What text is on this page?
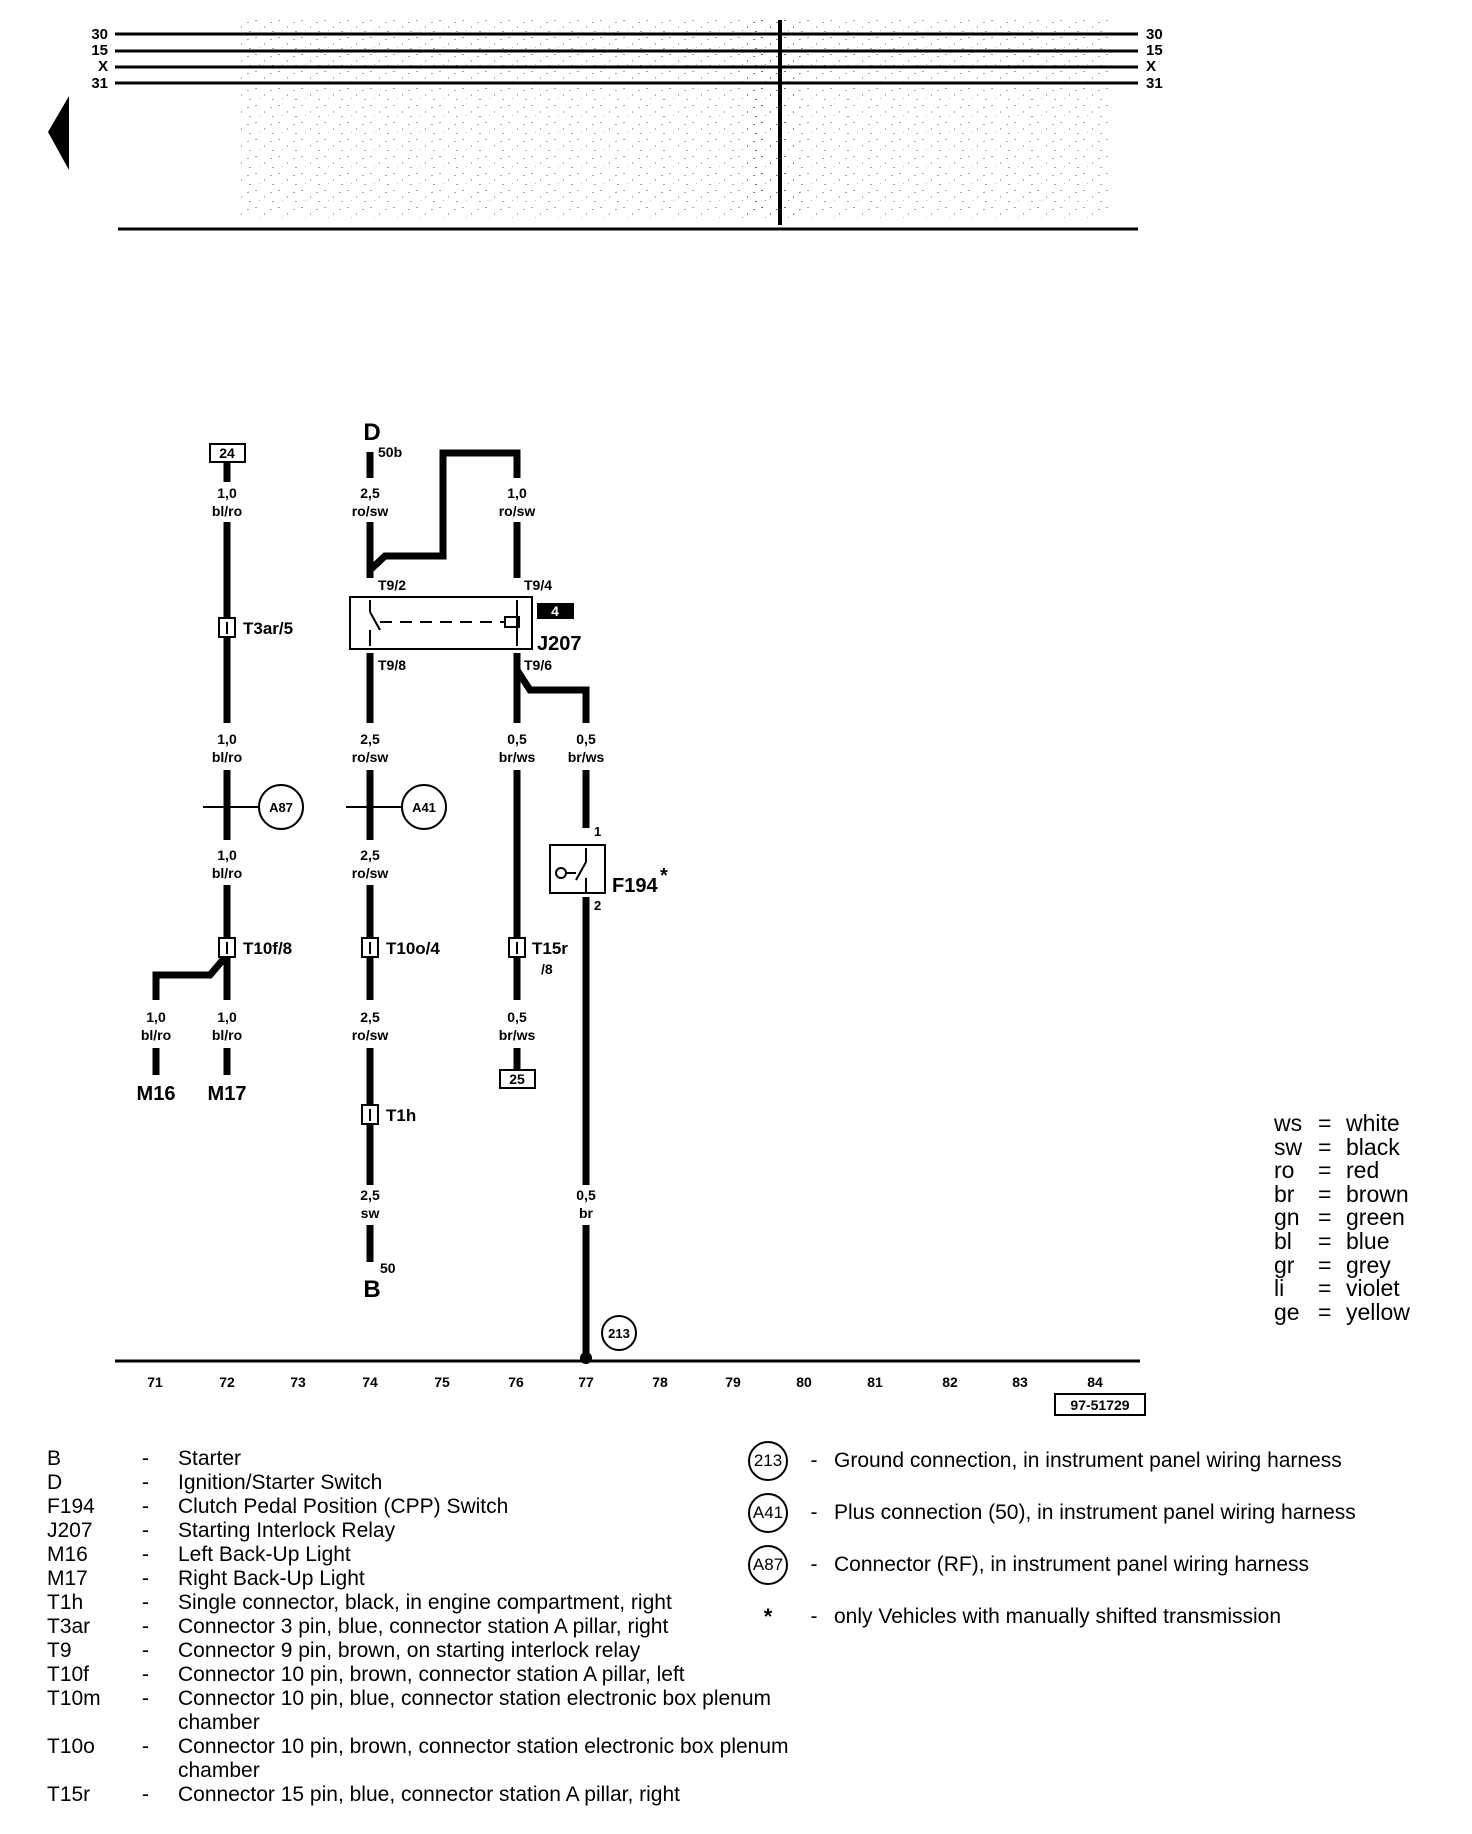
30
15
X
31
30
15
X
31
24
1,0
bl/ro
1,0
bl/ro
1,0
bl/ro
1,0
bl/ro
1,0
bl/ro
T3ar/5
A87
T10f/8
M16 M17
D
50b
2,5
ro/sw
1,0
ro/sw
T9/2	T9/4
T9/8	T9/6
2,5
ro/sw
2,5
ro/sw
2,5
ro/sw
2,5
sw
50
B
A41
T10o/4
T1h
4
J207
0,5
br/ws
0,5
br/ws
0,5
br/ws
25
0,5
br
T15r
/8
1
2
F194 *
213
71	72	73	74	75	76	77	78	79	80	81	82	83	84
97-51729
ws = white
sw = black
ro	= red
br	= brown
gn = green
bl	= blue
gr	= grey
li	= violet
ge = yellow
B	-	Starter
D	-	Ignition/Starter Switch
F194	-	Clutch Pedal Position (CPP) Switch
J207	-	Starting Interlock Relay
M16	-	Left Back-Up Light
M17	-	Right Back-Up Light
T1h	-	Single connector, black, in engine compartment, right
T3ar	-	Connector 3 pin, blue, connector station A pillar, right
T9	-	Connector 9 pin, brown, on starting interlock relay
T10f	-	Connector 10 pin, brown, connector station A pillar, left
T10m	-	Connector 10 pin, blue, connector station electronic box plenum chamber
T10o	-	Connector 10 pin, brown, connector station electronic box plenum chamber
T15r	-	Connector 15 pin, blue, connector station A pillar, right
213	- Ground connection, in instrument panel wiring harness
A41	- Plus connection (50), in instrument panel wiring harness
A87	- Connector (RF), in instrument panel wiring harness
*	- only Vehicles with manually shifted transmission
